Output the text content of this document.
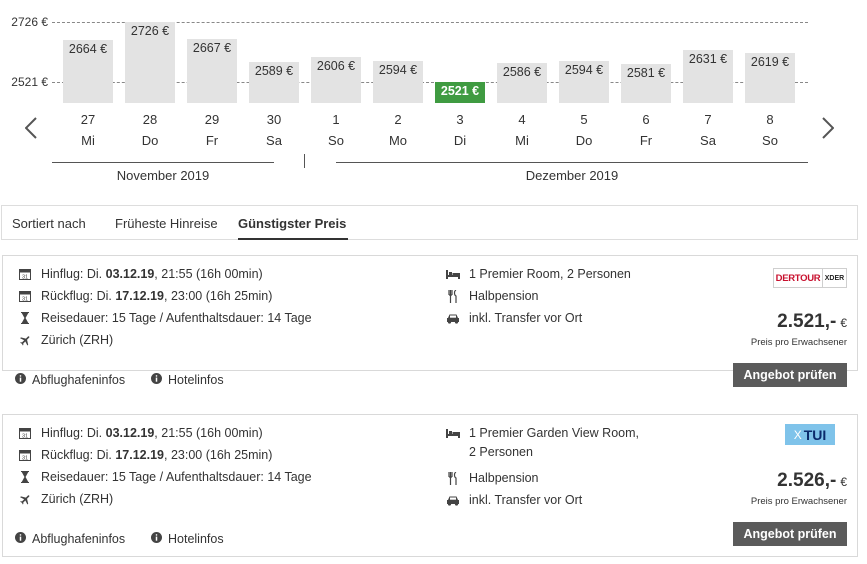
2726 €
2521 €
2664 €
27
Mi
2726 €
28
Do
2667 €
29
Fr
2589 €
30
Sa
2606 €
1
So
2594 €
2
Mo
2521 €
3
Di
2586 €
4
Mi
2594 €
5
Do
2581 €
6
Fr
2631 €
7
Sa
2619 €
8
So
November 2019	Dezember 2019
Sortiert nach Früheste Hinreise Günstigster Preis
31 Hinflug: Di.
03.12.19 , 21:55 (16h 00min)
31 Rückflug: Di.
17.12.19 , 23:00 (16h 25min)
Reisedauer: 15 Tage / Aufenthaltsdauer: 14 Tage
Zürich (ZRH)
Abflughafeninfos	Hotelinfos
1 Premier Room, 2 Personen
Halbpension
inkl. Transfer vor Ort
DERTOUR XDER
2.521,- €
Preis pro Erwachsener
Angebot prüfen
31 Hinflug: Di.
03.12.19 , 21:55 (16h 00min)
31 Rückflug: Di.
17.12.19 , 23:00 (16h 25min)
Reisedauer: 15 Tage / Aufenthaltsdauer: 14 Tage
Zürich (ZRH)
Abflughafeninfos	Hotelinfos
1 Premier Garden View Room,
2 Personen
Halbpension
inkl. Transfer vor Ort
X TUI
2.526,- €
Preis pro Erwachsener
Angebot prüfen
